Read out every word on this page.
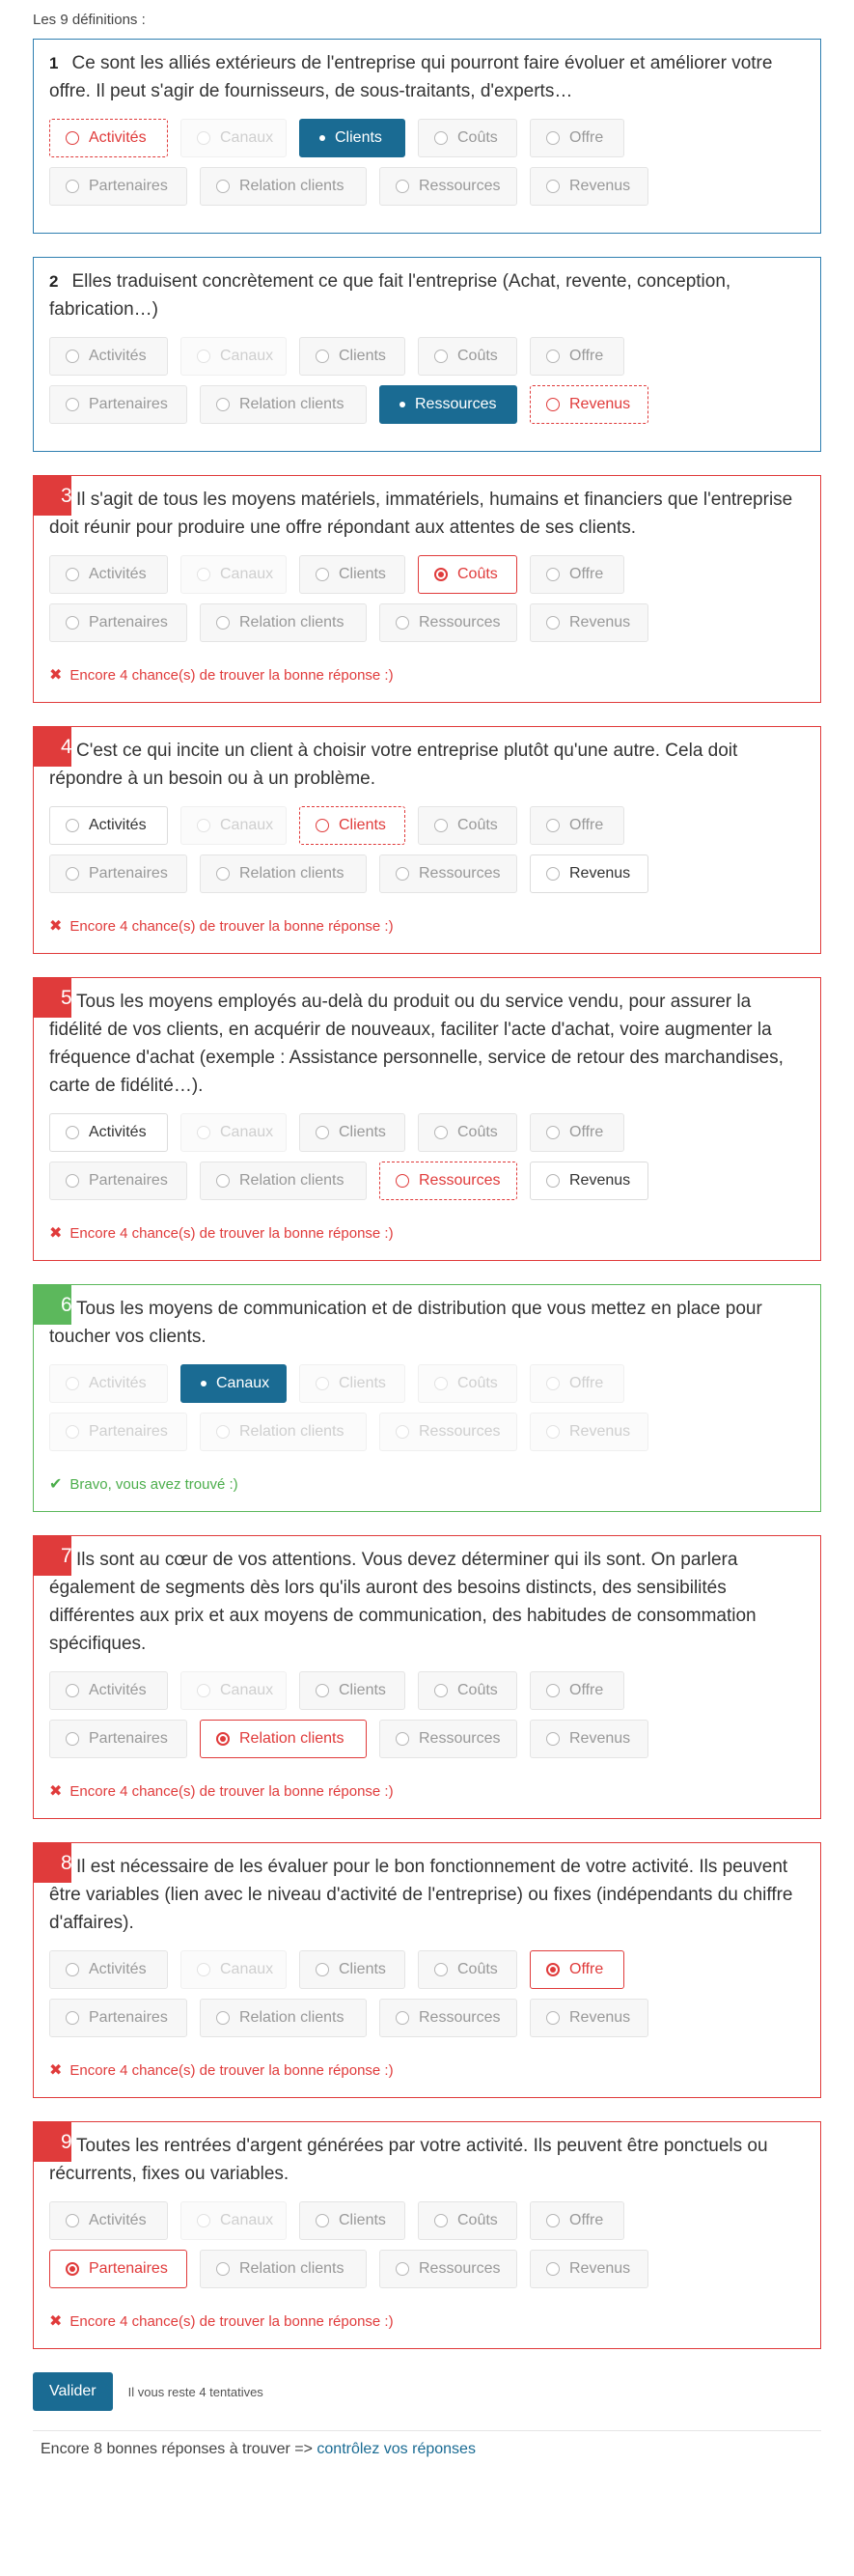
Les 9 définitions :

1 Ce sont les alliés extérieurs de l'entreprise qui pourront faire évoluer et améliorer votre offre. Il peut s'agir de fournisseurs, de sous-traitants, d'experts…

Activités	Canaux	Clients	Coûts	Offre
Partenaires	Relation clients	Ressources	Revenus

2 Elles traduisent concrètement ce que fait l'entreprise (Achat, revente, conception, fabrication…)

Activités	Canaux	Clients	Coûts	Offre
Partenaires	Relation clients	Ressources	Revenus

3 Il s'agit de tous les moyens matériels, immatériels, humains et financiers que l'entreprise doit réunir pour produire une offre répondant aux attentes de ses clients.

Activités	Canaux	Clients	Coûts	Offre
Partenaires	Relation clients	Ressources	Revenus
✖ Encore 4 chance(s) de trouver la bonne réponse :)

4 C'est ce qui incite un client à choisir votre entreprise plutôt qu'une autre. Cela doit répondre à un besoin ou à un problème.

Activités	Canaux	Clients	Coûts	Offre
Partenaires	Relation clients	Ressources	Revenus
✖ Encore 4 chance(s) de trouver la bonne réponse :)

5 Tous les moyens employés au-delà du produit ou du service vendu, pour assurer la fidélité de vos clients, en acquérir de nouveaux, faciliter l'acte d'achat, voire augmenter la fréquence d'achat (exemple : Assistance personnelle, service de retour des marchandises, carte de fidélité…).

Activités	Canaux	Clients	Coûts	Offre
Partenaires	Relation clients	Ressources	Revenus
✖ Encore 4 chance(s) de trouver la bonne réponse :)

6 Tous les moyens de communication et de distribution que vous mettez en place pour toucher vos clients.

Activités	Canaux	Clients	Coûts	Offre
Partenaires	Relation clients	Ressources	Revenus
✔ Bravo, vous avez trouvé :)

7 Ils sont au cœur de vos attentions. Vous devez déterminer qui ils sont. On parlera également de segments dès lors qu'ils auront des besoins distincts, des sensibilités différentes aux prix et aux moyens de communication, des habitudes de consommation spécifiques.

Activités	Canaux	Clients	Coûts	Offre
Partenaires	Relation clients	Ressources	Revenus
✖ Encore 4 chance(s) de trouver la bonne réponse :)

8 Il est nécessaire de les évaluer pour le bon fonctionnement de votre activité. Ils peuvent être variables (lien avec le niveau d'activité de l'entreprise) ou fixes (indépendants du chiffre d'affaires).

Activités	Canaux	Clients	Coûts	Offre
Partenaires	Relation clients	Ressources	Revenus
✖ Encore 4 chance(s) de trouver la bonne réponse :)

9 Toutes les rentrées d'argent générées par votre activité. Ils peuvent être ponctuels ou récurrents, fixes ou variables.

Activités	Canaux	Clients	Coûts	Offre
Partenaires	Relation clients	Ressources	Revenus
✖ Encore 4 chance(s) de trouver la bonne réponse :)
Valider	Il vous reste 4 tentatives
Encore 8 bonnes réponses à trouver => contrôlez vos réponses
